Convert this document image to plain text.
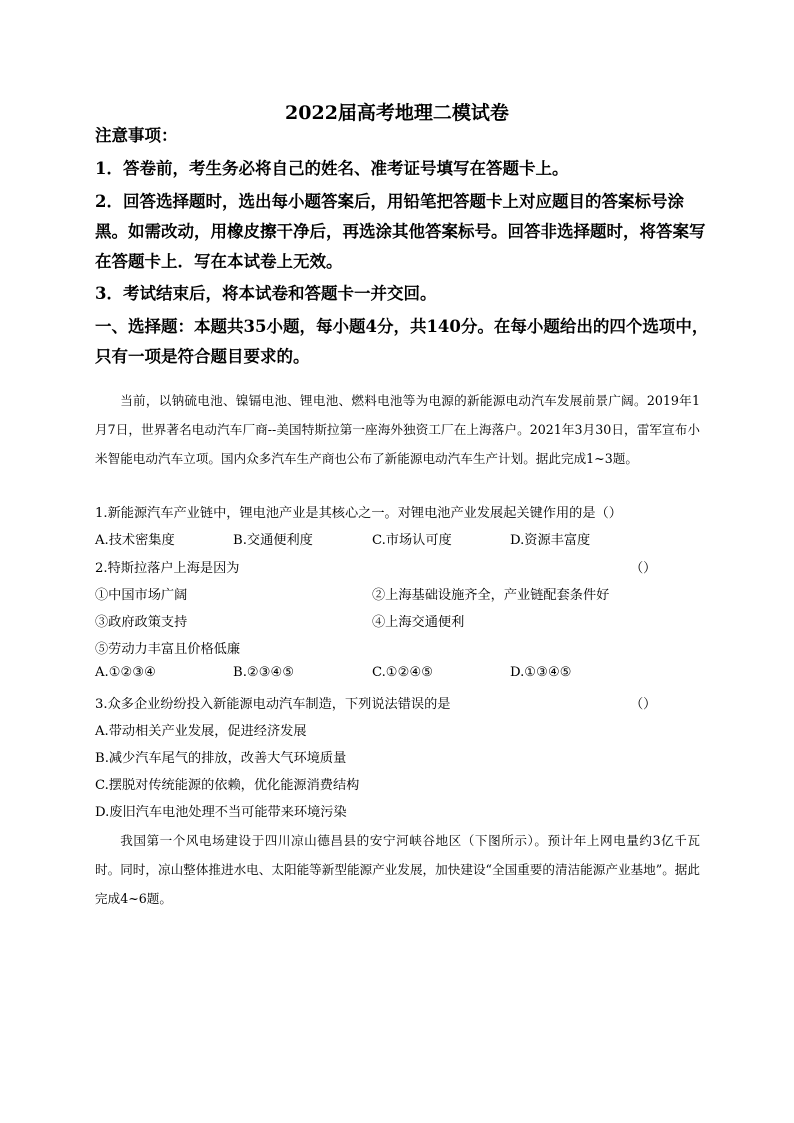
2022届高考地理二模试卷
注意事项：
1．答卷前，考生务必将自己的姓名、准考证号填写在答题卡上。
2．回答选择题时，选出每小题答案后，用铅笔把答题卡上对应题目的答案标号涂
黑。如需改动，用橡皮擦干净后，再选涂其他答案标号。回答非选择题时，将答案写
在答题卡上．写在本试卷上无效。
3．考试结束后，将本试卷和答题卡一并交回。
一、选择题：本题共35小题，每小题4分，共140分。在每小题给出的四个选项中，
只有一项是符合题目要求的。
当前，以钠硫电池、镍镉电池、锂电池、燃料电池等为电源的新能源电动汽车发展前景广阔。2019年1月7日，世界著名电动汽车厂商--美国特斯拉第一座海外独资工厂在上海落户。2021年3月30日，雷军宣布小米智能电动汽车立项。国内众多汽车生产商也公布了新能源电动汽车生产计划。据此完成1~3题。
1.新能源汽车产业链中，锂电池产业是其核心之一。对锂电池产业发展起关键作用的是（）
A.技术密集度	B.交通便利度	C.市场认可度	D.资源丰富度
2.特斯拉落户上海是因为	（）
①中国市场广阔	②上海基础设施齐全，产业链配套条件好
③政府政策支持	④上海交通便利
⑤劳动力丰富且价格低廉
A.①②③④	B.②③④⑤	C.①②④⑤	D.①③④⑤
3.众多企业纷纷投入新能源电动汽车制造，下列说法错误的是	（）
A.带动相关产业发展，促进经济发展
B.减少汽车尾气的排放，改善大气环境质量
C.摆脱对传统能源的依赖，优化能源消费结构
D.废旧汽车电池处理不当可能带来环境污染
我国第一个风电场建设于四川凉山德昌县的安宁河峡谷地区（下图所示）。预计年上网电量约3亿千瓦时。同时，凉山整体推进水电、太阳能等新型能源产业发展，加快建设“全国重要的清洁能源产业基地”。据此完成4~6题。
